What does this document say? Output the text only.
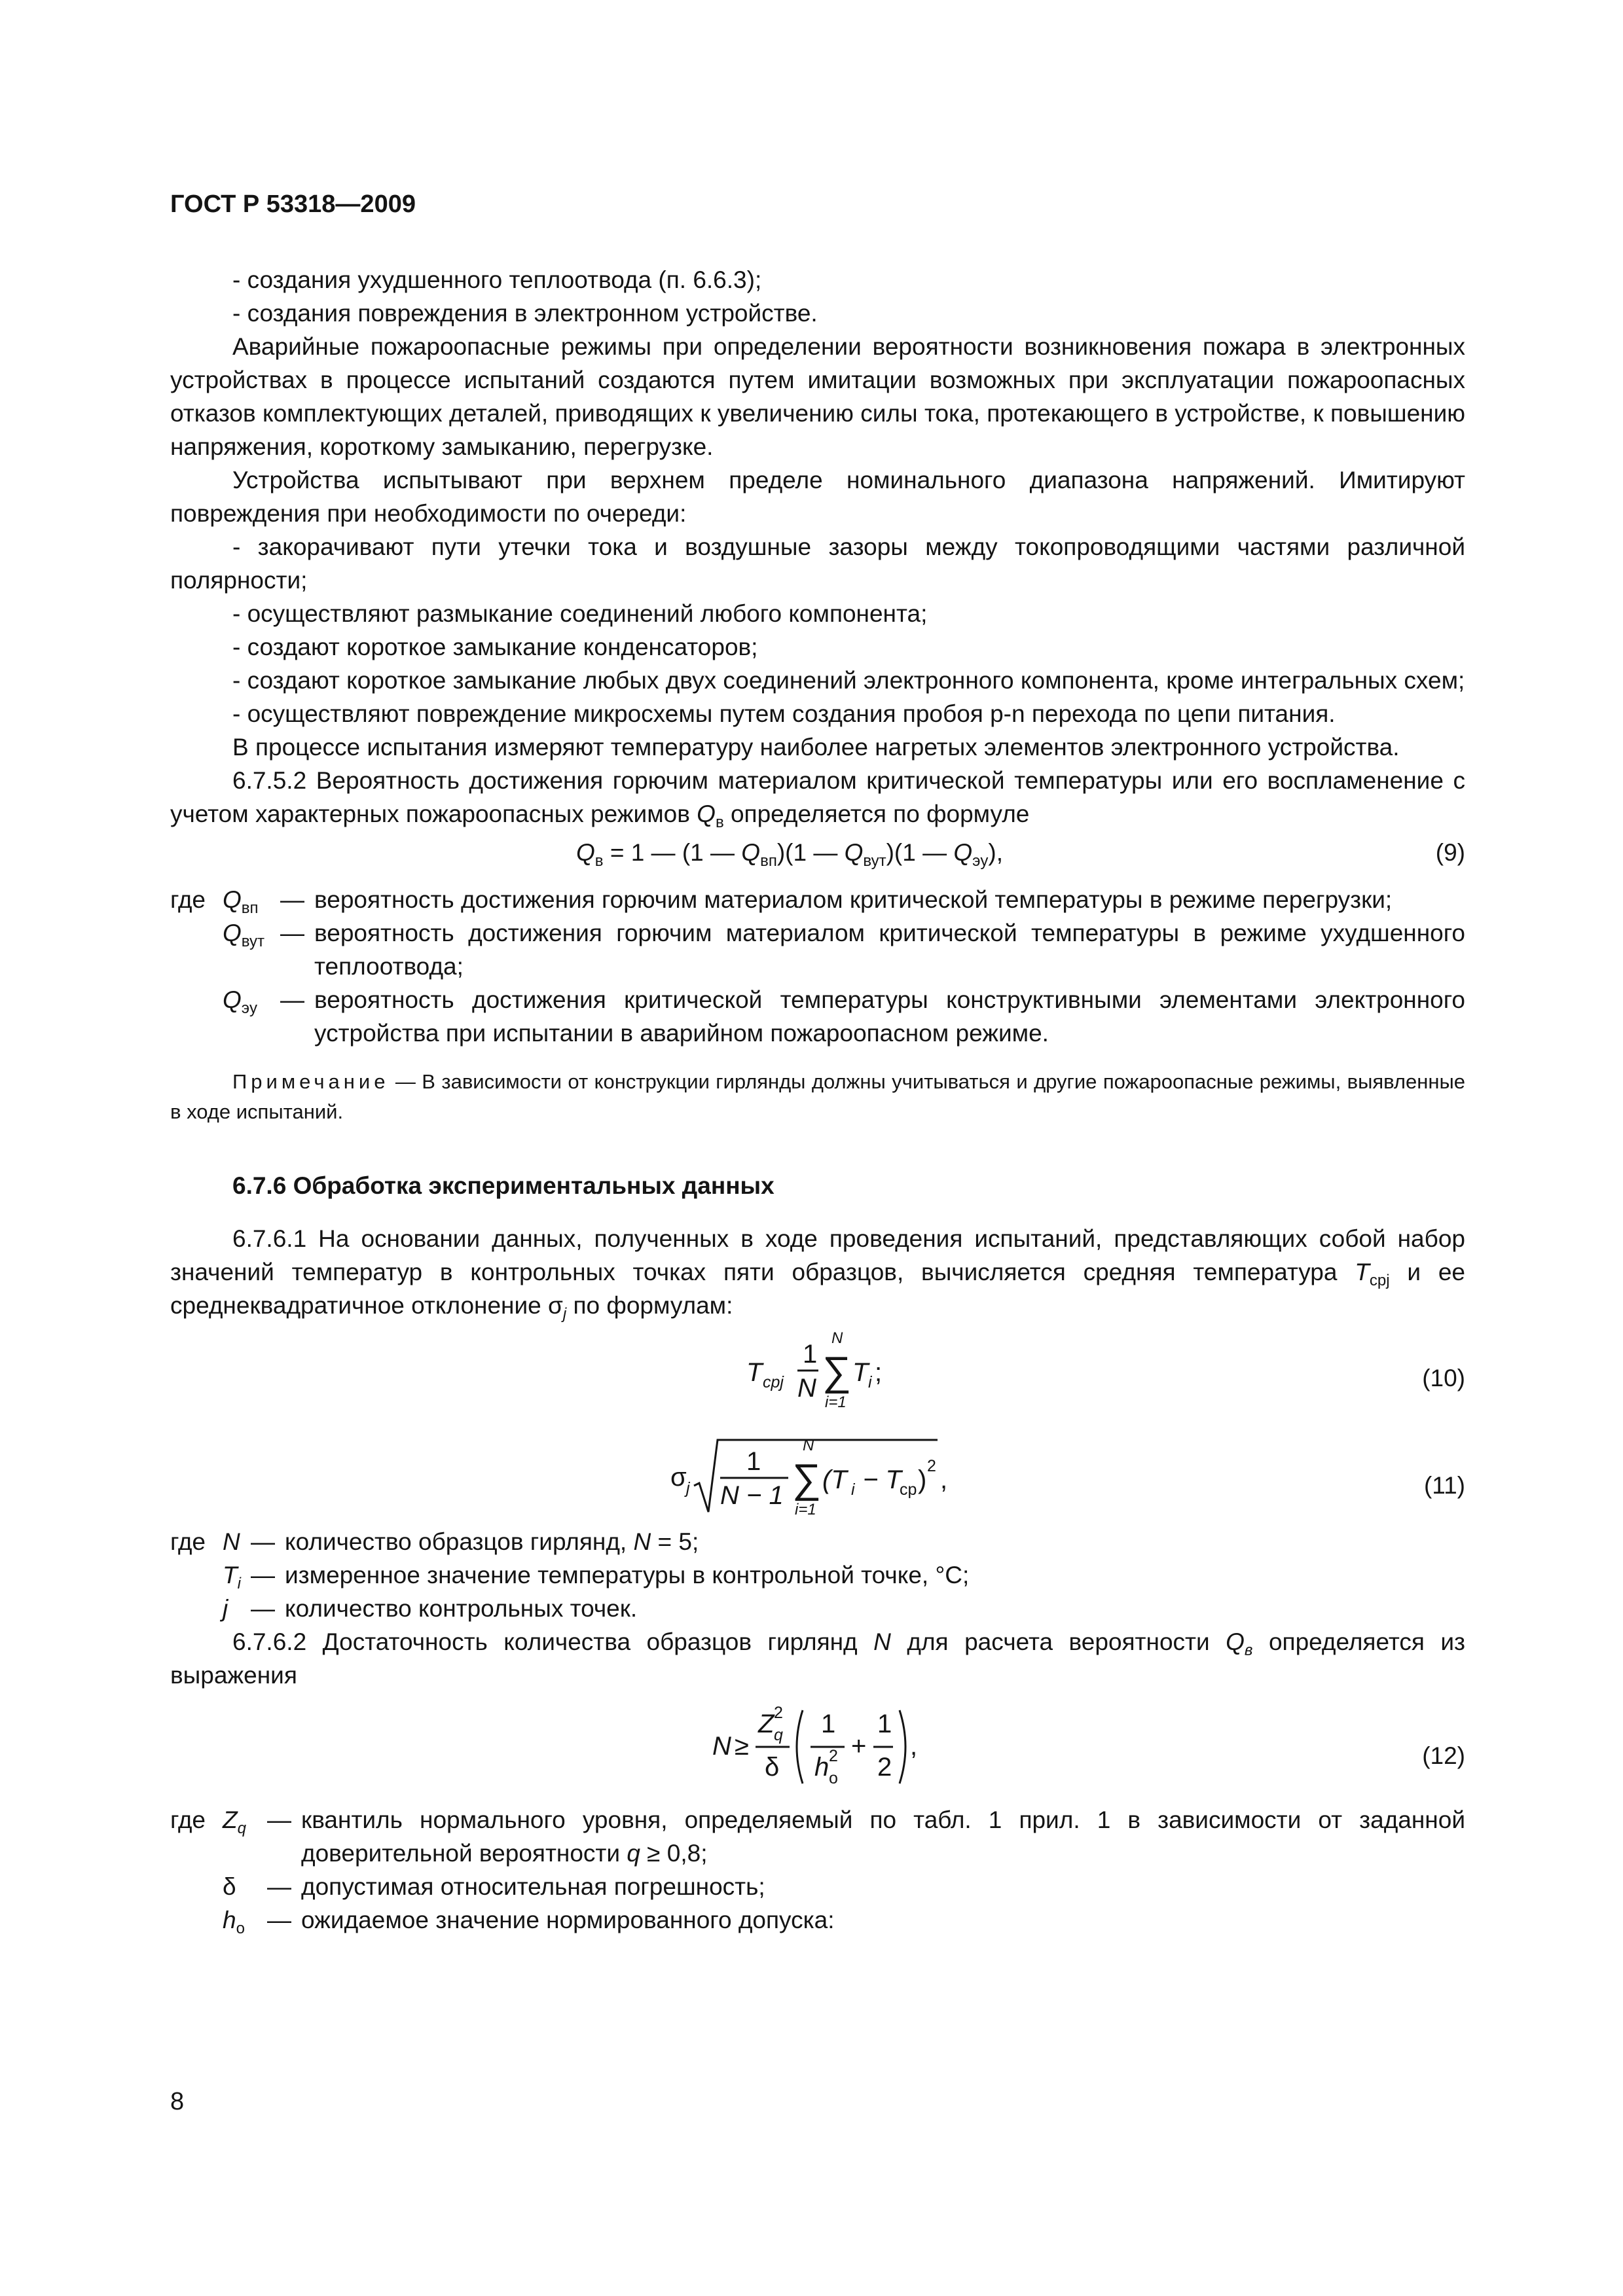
ГОСТ Р 53318—2009

- создания ухудшенного теплоотвода (п. 6.6.3);

- создания повреждения в электронном устройстве.

Аварийные пожароопасные режимы при определении вероятности возникновения пожара в электронных устройствах в процессе испытаний создаются путем имитации возможных при эксплуатации пожароопасных отказов комплектующих деталей, приводящих к увеличению силы тока, протекающего в устройстве, к повышению напряжения, короткому замыканию, перегрузке.

Устройства испытывают при верхнем пределе номинального диапазона напряжений. Имитируют повреждения при необходимости по очереди:

- закорачивают пути утечки тока и воздушные зазоры между токопроводящими частями различной полярности;

- осуществляют размыкание соединений любого компонента;

- создают короткое замыкание конденсаторов;

- создают короткое замыкание любых двух соединений электронного компонента, кроме интегральных схем;

- осуществляют повреждение микросхемы путем создания пробоя p-n перехода по цепи питания.

В процессе испытания измеряют температуру наиболее нагретых элементов электронного устройства.

6.7.5.2 Вероятность достижения горючим материалом критической температуры или его воспламенение с учетом характерных пожароопасных режимов $Q_в$ определяется по формуле

$Q_в = 1$ — (1 — $Q_{вп})(1$ — $Q_{вут})(1$ — $Q_{эу}$),	(9)
где $Q_{вп}$ — вероятность достижения горючим материалом критической температуры в режиме перегрузки;
$Q_{вут}$ — вероятность достижения горючим материалом критической температуры в режиме ухудшенного теплоотвода;
$Q_{эу}$ — вероятность достижения критической температуры конструктивными элементами электронного устройства при испытании в аварийном пожароопасном режиме.

Примечание — В зависимости от конструкции гирлянды должны учитываться и другие пожароопасные режимы, выявленные в ходе испытаний.

6.7.6 Обработка экспериментальных данных

6.7.6.1 На основании данных, полученных в ходе проведения испытаний, представляющих собой набор значений температур в контрольных точках пяти образцов, вычисляется средняя температура $T_{срj}$ и ее среднеквадратичное отклонение $\sigma_j$ по формулам:

T срj
1
N
N
∑
i=1
T i ;	(10)
σ j
1
N − 1
N
∑
i=1
(T i − T
ср ) 2 ,	(11)
где N — количество образцов гирлянд, N = 5;
$T_i$ — измеренное значение температуры в контрольной точке, °C;
j — количество контрольных точек.

6.7.6.2 Достаточность количества образцов гирлянд N для расчета вероятности $Q_в$ определяется из выражения

N ≥
Z 2
q
δ
1
h 2
о
+
1
2
,	(12)
где $Z_q$ — квантиль нормального уровня, определяемый по табл. 1 прил. 1 в зависимости от заданной доверительной вероятности q ≥ 0,8;
δ — допустимая относительная погрешность;
$h_о$ — ожидаемое значение нормированного допуска:
8
